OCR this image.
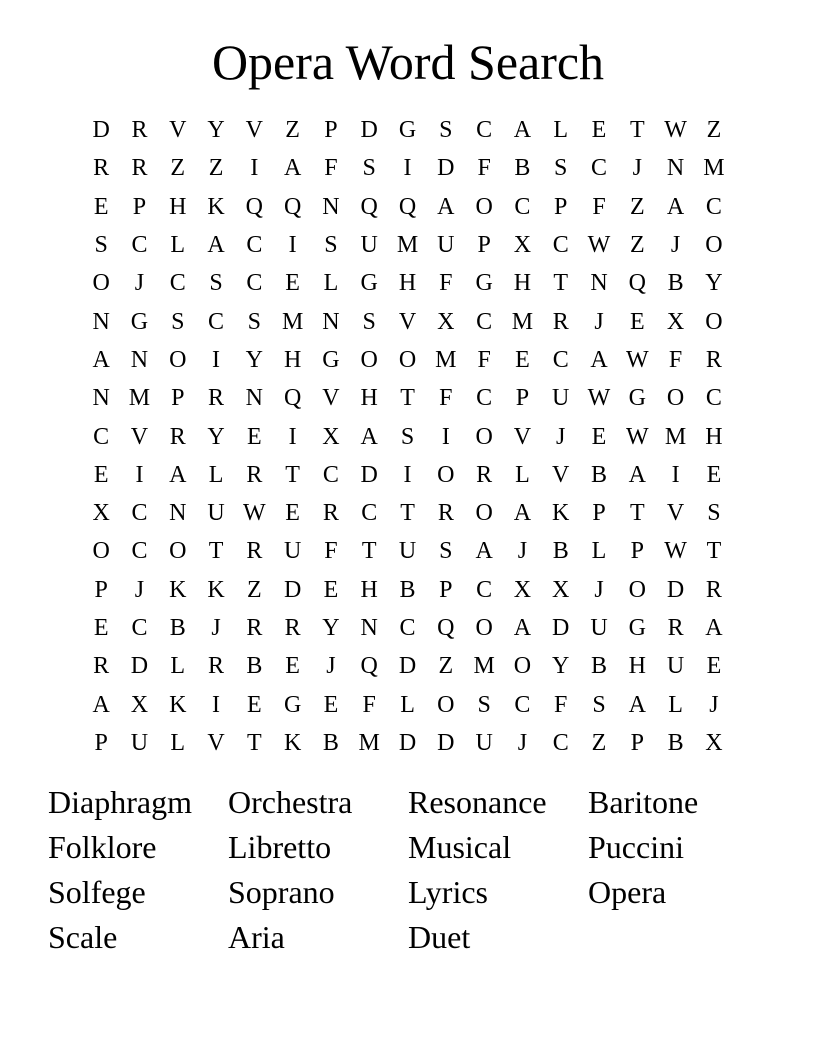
Opera Word Search
D R V Y V Z	P D G S C A L E T W Z
R R Z Z	I	A F	S	I	D F B S C	J	N M
E	P H K Q Q N Q Q A O C P	F	Z A C
S C L A C	I	S U M U P X C W Z	J	O
O	J	C S C E L G H F G H T N Q B Y
N G S C S M N S V X C M R	J	E X O
A N O	I	Y H G O O M F	E C A W F R
N M P R N Q V H T	F C P U W G O C
C V R Y E	I	X A S	I	O V	J	E W M H
E	I	A L R T C D	I	O R L V B A	I	E
X C N U W E R C T R O A K P	T V S
O C O T R U F	T U S A	J	B L	P W T
P	J	K K Z D E H B P C X X	J	O D R
E C B	J	R R Y N C Q O A D U G R A
R D L R B E	J	Q D Z M O Y B H U E
A X K	I	E G E	F	L O S C F	S A L	J
P U L V T K B M D D U	J	C Z	P B X
Diaphragm	Orchestra	Resonance	Baritone
Folklore	Libretto	Musical	Puccini
Solfege	Soprano	Lyrics	Opera
Scale	Aria	Duet
